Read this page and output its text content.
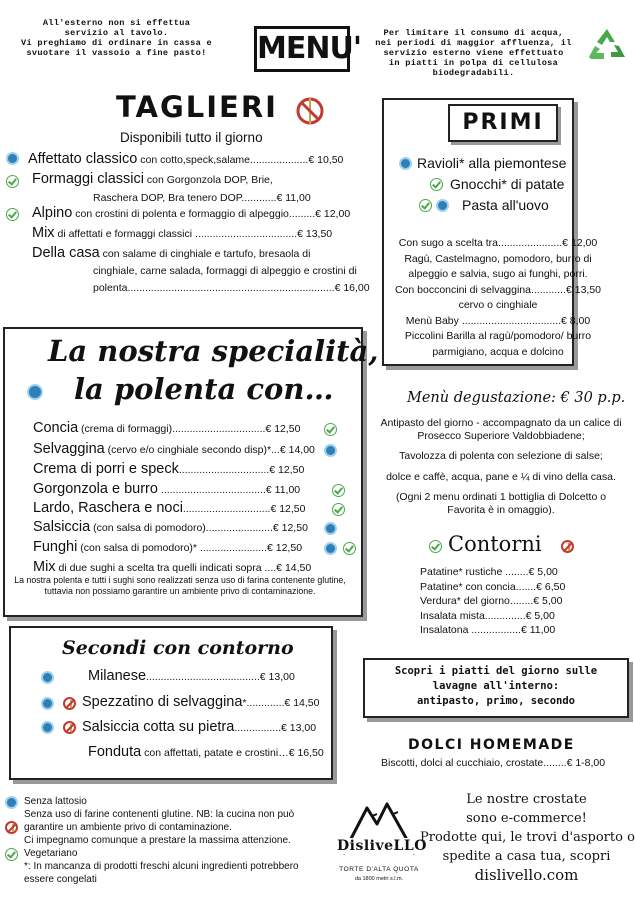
All'esterno non si effettua
servizio al tavolo.
Vi preghiamo di ordinare in cassa e
svuotare il vassoio a fine pasto!	MENU'	Per limitare il consumo di acqua,
nei periodi di maggior affluenza, il
servizio esterno viene effettuato
in piatti in polpa di cellulosa
biodegradabili.
TAGLIERI
Disponibili tutto il giorno
Affettato classico con cotto,speck,salame....................€ 10,50
Formaggi classici con Gorgonzola DOP, Brie,
Raschera DOP, Bra tenero DOP............€ 11,00
Alpino con crostini di polenta e formaggio di alpeggio.........€ 12,00
Mix di affettati e formaggi classici ...................................€ 13,50
Della casa con salame di cinghiale e tartufo, bresaola di
cinghiale, carne salada, formaggi di alpeggio e crostini di
polenta.......................................................................€ 16,00
PRIMI
Ravioli* alla piemontese
Gnocchi* di patate
Pasta all'uovo
Con sugo a scelta tra......................€ 12,00
Ragù, Castelmagno, pomodoro, burro di
alpeggio e salvia, sugo ai funghi, porri.
Con bocconcini di selvaggina............€ 13,50
cervo o cinghiale
Menù Baby ..................................€ 8,00
Piccolini Barilla al ragù/pomodoro/ burro
parmigiano, acqua e dolcino
La nostra specialità,
la polenta con…
Concia (crema di formaggi)................................€ 12,50
Selvaggina (cervo e/o cinghiale secondo disp)*...€ 14,00
Crema di porri e speck...............................€ 12,50
Gorgonzola e burro ....................................€ 11,00
Lardo, Raschera e noci..............................€ 12,50
Salsiccia (con salsa di pomodoro).......................€ 12,50
Funghi (con salsa di pomodoro)* .......................€ 12,50
Mix di due sughi a scelta tra quelli indicati sopra ....€ 14,50
La nostra polenta e tutti i sughi sono realizzati senza uso di farina contenente glutine,
tuttavia non possiamo garantire un ambiente privo di contaminazione.
Menù degustazione: € 30 p.p.
Antipasto del giorno - accompagnato da un calice di
Prosecco Superiore Valdobbiadene;
Tavolozza di polenta con selezione di salse;
dolce e caffè, acqua, pane e ¼ di vino della casa.
(Ogni 2 menu ordinati 1 bottiglia di Dolcetto o
Favorita è in omaggio).
Contorni
Patatine* rustiche ........€ 5,00
Patatine* con concia.......€ 6,50
Verdura* del giorno........€ 5,00
Insalata mista..............€ 5,00
Insalatona .................€ 11,00
Secondi con contorno
Milanese.......................................€ 13,00
Spezzatino di selvaggina*.............€ 14,50
Salsiccia cotta su pietra................€ 13,00
Fonduta con affettati, patate e crostini…€ 16,50
Scopri i piatti del giorno sulle
lavagne all'interno:
antipasto, primo, secondo
DOLCI HOMEMADE
Biscotti, dolci al cucchiaio, crostate........€ 1-8,00
Senza lattosio
Senza uso di farine contenenti glutine. NB: la cucina non può
garantire un ambiente privo di contaminazione.
Ci impegnamo comunque a prestare la massima attenzione.
Vegetariano
*: In mancanza di prodotti freschi alcuni ingredienti potrebbero
essere congelati
DisliveLLO
TORTE D'ALTA QUOTA
da 1800 metri s.l.m.
Le nostre crostate
sono e-commerce!
Prodotte qui, le trovi d'asporto o
spedite a casa tua, scopri
dislivello.com
